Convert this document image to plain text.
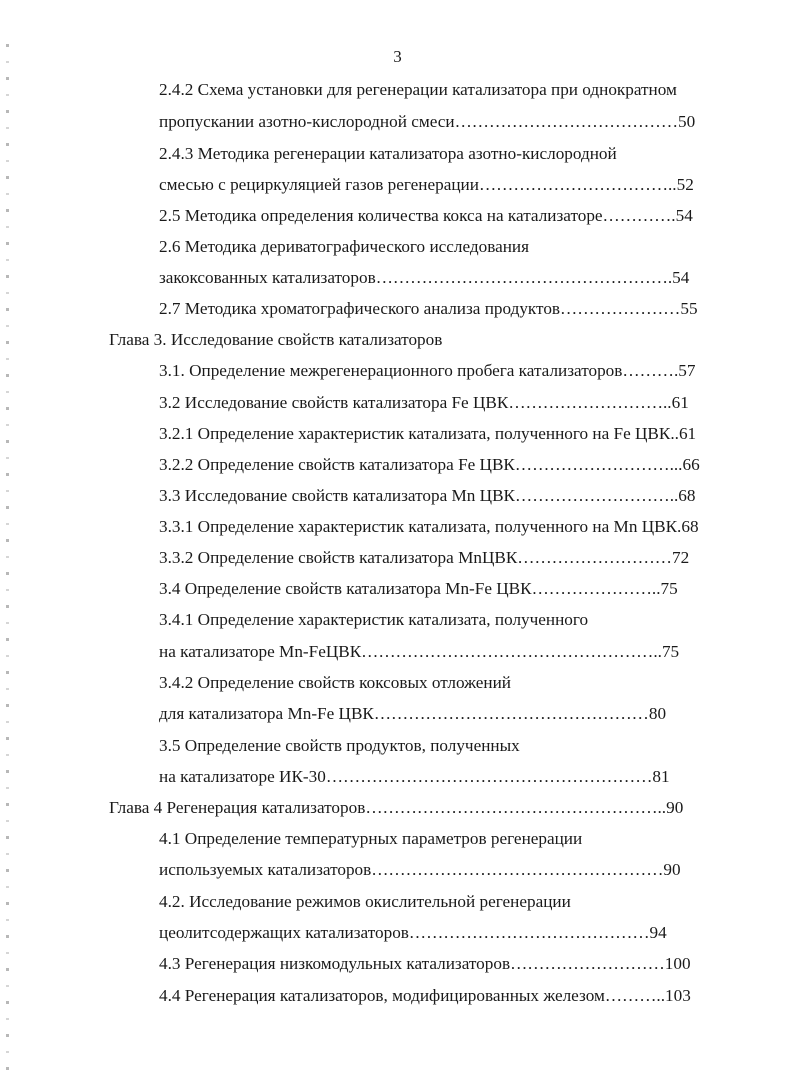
3
2.4.2 Схема установки для регенерации катализатора при однократном
пропускании азотно-кислородной смеси…………………………………50
2.4.3 Методика регенерации катализатора азотно-кислородной
смесью с рециркуляцией газов регенерации……………………………..52
2.5 Методика определения количества кокса на катализаторе………….54
2.6 Методика дериватографического исследования
закоксованных катализаторов…………………………………………….54
2.7 Методика хроматографического анализа продуктов…………………55
Глава 3. Исследование свойств катализаторов
3.1. Определение межрегенерационного пробега катализаторов……….57
3.2 Исследование свойств катализатора Fe ЦВК………………………..61
3.2.1 Определение характеристик катализата, полученного на Fe ЦВК..61
3.2.2 Определение свойств катализатора Fe ЦВК………………………...66
3.3 Исследование свойств катализатора Mn ЦВК………………………..68
3.3.1 Определение характеристик катализата, полученного на Mn ЦВК.68
3.3.2 Определение свойств катализатора MnЦВК………………………72
3.4 Определение свойств катализатора Mn-Fe ЦВК…………………..75
3.4.1 Определение характеристик катализата, полученного
на катализаторе Mn-FeЦВК……………………………………………..75
3.4.2 Определение свойств коксовых отложений
для катализатора Mn-Fe ЦВК…………………………………………80
3.5 Определение свойств продуктов, полученных
на катализаторе ИК-30…………………………………………………81
Глава 4 Регенерация катализаторов……………………………………………..90
4.1 Определение температурных параметров регенерации
используемых катализаторов……………………………………………90
4.2. Исследование режимов окислительной регенерации
цеолитсодержащих катализаторов……………………………………94
4.3 Регенерация низкомодульных катализаторов………………………100
4.4 Регенерация катализаторов, модифицированных железом………..103
